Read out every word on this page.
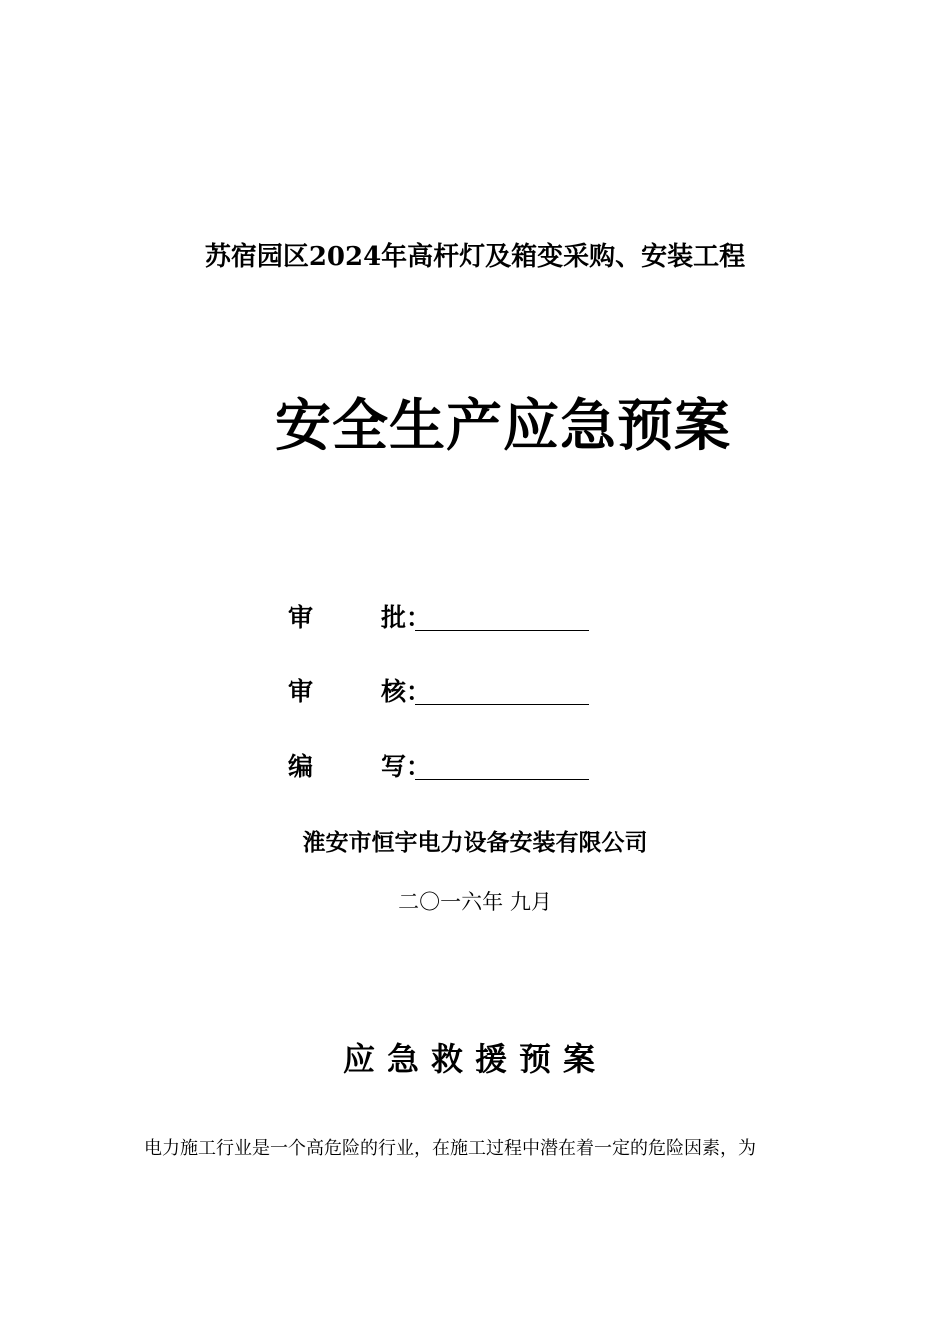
苏宿园区2024年高杆灯及箱变采购、安装工程
安全生产应急预案
审	批 ：
审	核 ：
编	写 ：
淮安市恒宇电力设备安装有限公司
二〇一六年 九月
应急救援预案
电力施工行业是一个高危险的行业，在施工过程中潜在着一定的危险因素，为
